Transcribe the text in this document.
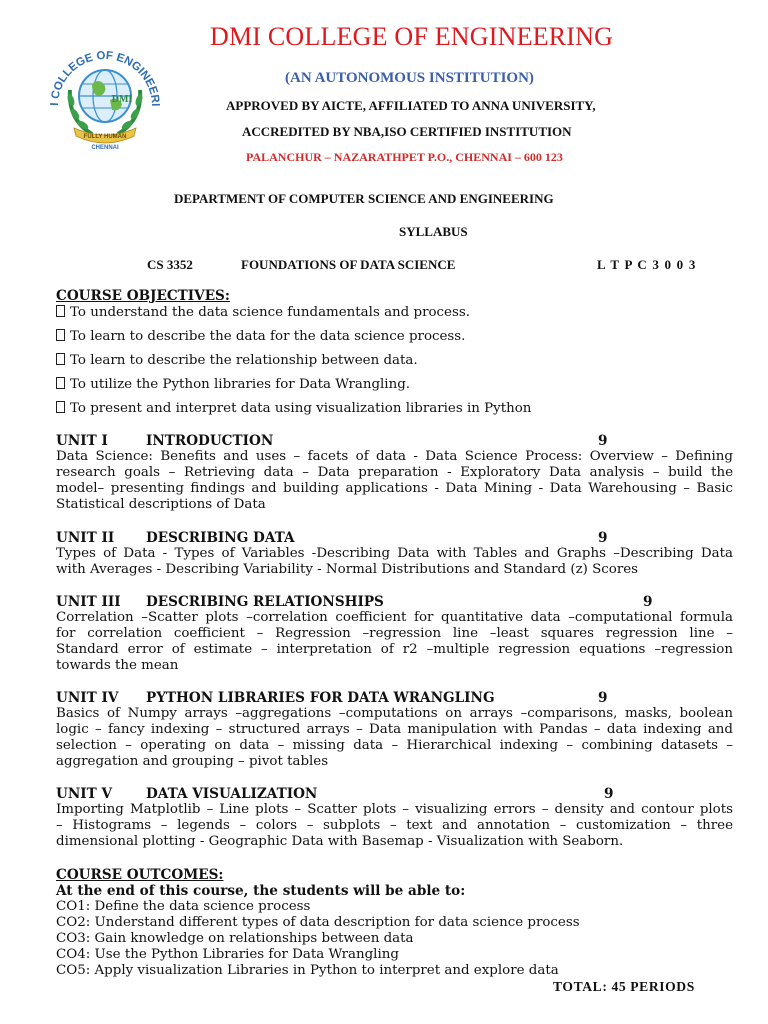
I COLLEGE OF ENGINEERI
DMI
FULLY HUMAN
CHENNAI
DMI COLLEGE OF ENGINEERING
(AN AUTONOMOUS INSTITUTION)
APPROVED BY AICTE, AFFILIATED TO ANNA UNIVERSITY,
ACCREDITED BY NBA,ISO CERTIFIED INSTITUTION
PALANCHUR – NAZARATHPET P.O., CHENNAI – 600 123
DEPARTMENT OF COMPUTER SCIENCE AND ENGINEERING
SYLLABUS
CS 3352	FOUNDATIONS OF DATA SCIENCE	L T P C 3 0 0 3
COURSE OBJECTIVES:
To understand the data science fundamentals and process.
To learn to describe the data for the data science process.
To learn to describe the relationship between data.
To utilize the Python libraries for Data Wrangling.
To present and interpret data using visualization libraries in Python
UNIT I	INTRODUCTION	9
Data Science: Benefits and uses – facets of data - Data Science Process: Overview – Defining
research goals – Retrieving data – Data preparation - Exploratory Data analysis – build the
model– presenting findings and building applications - Data Mining - Data Warehousing – Basic
Statistical descriptions of Data
UNIT II DESCRIBING DATA	9
Types of Data - Types of Variables -Describing Data with Tables and Graphs –Describing Data
with Averages - Describing Variability - Normal Distributions and Standard (z) Scores
UNIT III DESCRIBING RELATIONSHIPS	9
Correlation –Scatter plots –correlation coefficient for quantitative data –computational formula
for correlation coefficient – Regression –regression line –least squares regression line –
Standard error of estimate – interpretation of r2 –multiple regression equations –regression
towards the mean
UNIT IV PYTHON LIBRARIES FOR DATA WRANGLING	9
Basics of Numpy arrays –aggregations –computations on arrays –comparisons, masks, boolean
logic – fancy indexing – structured arrays – Data manipulation with Pandas – data indexing and
selection – operating on data – missing data – Hierarchical indexing – combining datasets –
aggregation and grouping – pivot tables
UNIT V DATA VISUALIZATION	9
Importing Matplotlib – Line plots – Scatter plots – visualizing errors – density and contour plots
– Histograms – legends – colors – subplots – text and annotation – customization – three
dimensional plotting - Geographic Data with Basemap - Visualization with Seaborn.
COURSE OUTCOMES:
At the end of this course, the students will be able to:
CO1: Define the data science process
CO2: Understand different types of data description for data science process
CO3: Gain knowledge on relationships between data
CO4: Use the Python Libraries for Data Wrangling
CO5: Apply visualization Libraries in Python to interpret and explore data
TOTAL: 45 PERIODS
